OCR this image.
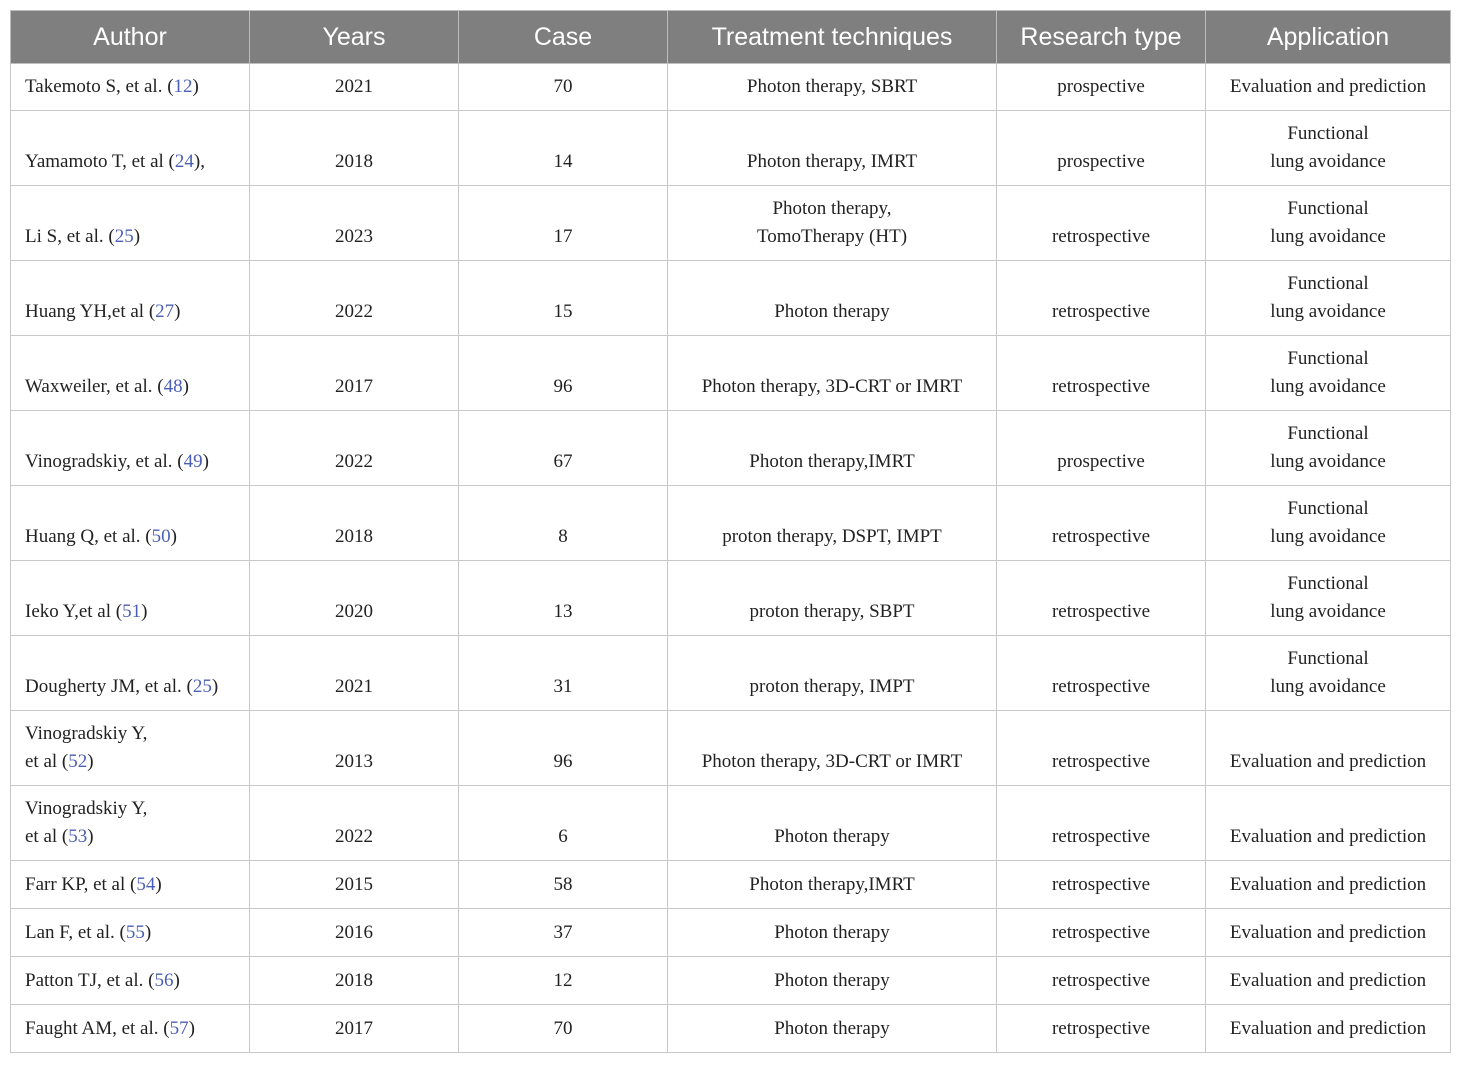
Author	Years	Case	Treatment techniques	Research type	Application
Takemoto S, et al. (12)	2021	70	Photon therapy, SBRT	prospective	Evaluation and prediction
Yamamoto T, et al (24),	2018	14	Photon therapy, IMRT	prospective	Functional
lung avoidance
Li S, et al. (25)	2023	17	Photon therapy,
TomoTherapy (HT)	retrospective	Functional
lung avoidance
Huang YH,et al (27)	2022	15	Photon therapy	retrospective	Functional
lung avoidance
Waxweiler, et al. (48)	2017	96	Photon therapy, 3D-CRT or IMRT	retrospective	Functional
lung avoidance
Vinogradskiy, et al. (49)	2022	67	Photon therapy,IMRT	prospective	Functional
lung avoidance
Huang Q, et al. (50)	2018	8	proton therapy, DSPT, IMPT	retrospective	Functional
lung avoidance
Ieko Y,et al (51)	2020	13	proton therapy, SBPT	retrospective	Functional
lung avoidance
Dougherty JM, et al. (25)	2021	31	proton therapy, IMPT	retrospective	Functional
lung avoidance
Vinogradskiy Y,
et al (52)	2013	96	Photon therapy, 3D-CRT or IMRT	retrospective	Evaluation and prediction
Vinogradskiy Y,
et al (53)	2022	6	Photon therapy	retrospective	Evaluation and prediction
Farr KP, et al (54)	2015	58	Photon therapy,IMRT	retrospective	Evaluation and prediction
Lan F, et al. (55)	2016	37	Photon therapy	retrospective	Evaluation and prediction
Patton TJ, et al. (56)	2018	12	Photon therapy	retrospective	Evaluation and prediction
Faught AM, et al. (57)	2017	70	Photon therapy	retrospective	Evaluation and prediction
